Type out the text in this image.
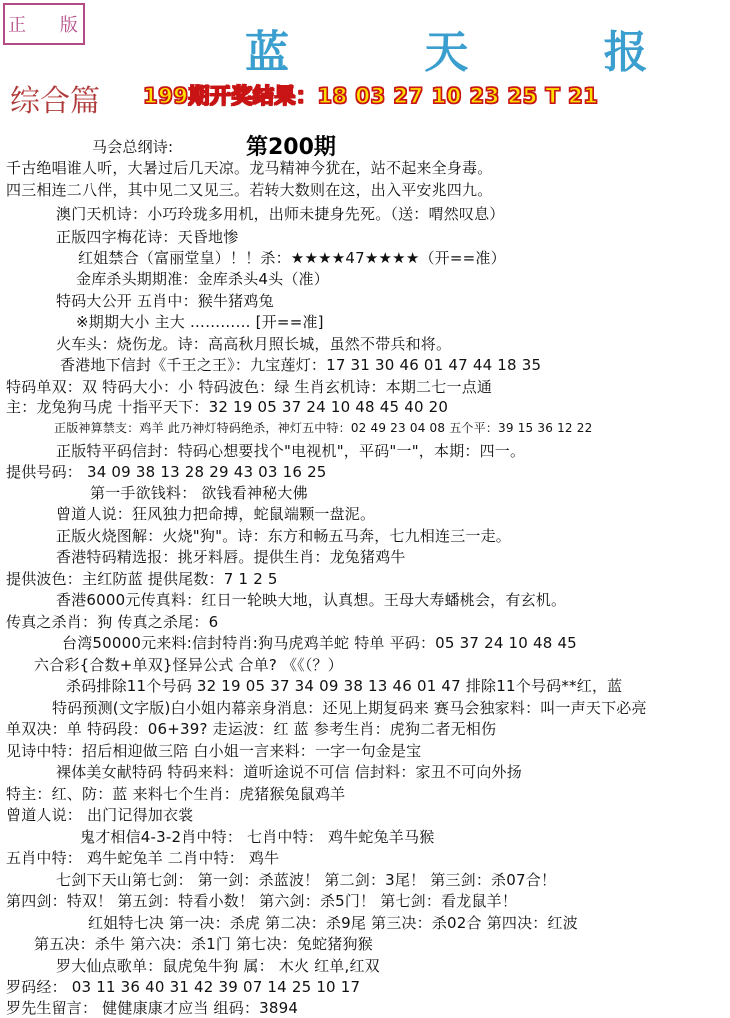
正 版
蓝 天 报
综合篇 199期开奖结果：18 03 27 10 23 25 T 21
第200期
马会总纲诗:
千古绝唱谁人听，大暑过后几天凉。龙马精神今犹在，站不起来全身毒。
四三相连二八伴，其中见二又见三。若转大数则在这，出入平安兆四九。
澳门天机诗：小巧玲珑多用机，出师未捷身先死。（送：喟然叹息）
正版四字梅花诗：天昏地惨
红姐禁合（富丽堂皇）！！杀：★★★★47★★★★（开==准）
金库杀头期期准：金库杀头4头（准）
特码大公开 五肖中：猴牛猪鸡兔
※期期大小 主大 ………… [开==准]
火车头：烧伤龙。诗：高高秋月照长城，虽然不带兵和将。
香港地下信封《千王之王》：九宝莲灯：17 31 30 46 01 47 44 18 35
特码单双：双 特码大小：小 特码波色：绿 生肖玄机诗：本期二七一点通
主：龙兔狗马虎 十指平天下：32 19 05 37 24 10 48 45 40 20
正版神算禁支：鸡羊 此乃神灯特码绝杀，神灯五中特：02 49 23 04 08 五个平：39 15 36 12 22
正版特平码信封：特码心想要找个"电视机"，平码"一"，本期：四一。
提供号码： 34 09 38 13 28 29 43 03 16 25
第一手欲钱料： 欲钱看神秘大佛
曾道人说：狂风独力把命搏，蛇鼠端颗一盘泥。
正版火烧图解：火烧"狗"。诗：东方和畅五马奔，七九相连三一走。
香港特码精选报：挑牙料唇。提供生肖：龙兔猪鸡牛
提供波色：主红防蓝 提供尾数：7 1 2 5
香港6000元传真料：红日一轮映大地，认真想。王母大寿蟠桃会，有玄机。
传真之杀肖：狗 传真之杀尾：6
台湾50000元来料:信封特肖:狗马虎鸡羊蛇 特单 平码：05 37 24 10 48 45
六合彩{合数+单双}怪异公式 合单? 《《（？）
杀码排除11个号码 32 19 05 37 34 09 38 13 46 01 47 排除11个号码**红，蓝
特码预测(文字版)白小姐内幕亲身消息：还见上期复码来 赛马会独家料：叫一声天下必亮
单双决：单 特码段：06+39? 走运波：红 蓝 参考生肖：虎狗二者无相伤
见诗中特：招后相迎做三陪 白小姐一言来料：一字一句金是宝
裸体美女献特码 特码来料：道听途说不可信 信封料：家丑不可向外扬
特主：红、防：蓝 来料七个生肖：虎猪猴兔鼠鸡羊
曾道人说： 出门记得加衣裳
鬼才相信4-3-2肖中特： 七肖中特： 鸡牛蛇兔羊马猴
五肖中特： 鸡牛蛇兔羊 二肖中特： 鸡牛
七剑下天山第七剑： 第一剑：杀蓝波！ 第二剑：3尾！ 第三剑：杀07合！
第四剑：特双！ 第五剑：特看小数！ 第六剑：杀5门！ 第七剑：看龙鼠羊！
红姐特七决 第一决：杀虎 第二决：杀9尾 第三决：杀02合 第四决：红波
第五决：杀牛 第六决：杀1门 第七决：兔蛇猪狗猴
罗大仙点歌单：鼠虎兔牛狗 属： 木火 红单,红双
罗码经： 03 11 36 40 31 42 39 07 14 25 10 17
罗先生留言： 健健康康才应当 组码：3894
